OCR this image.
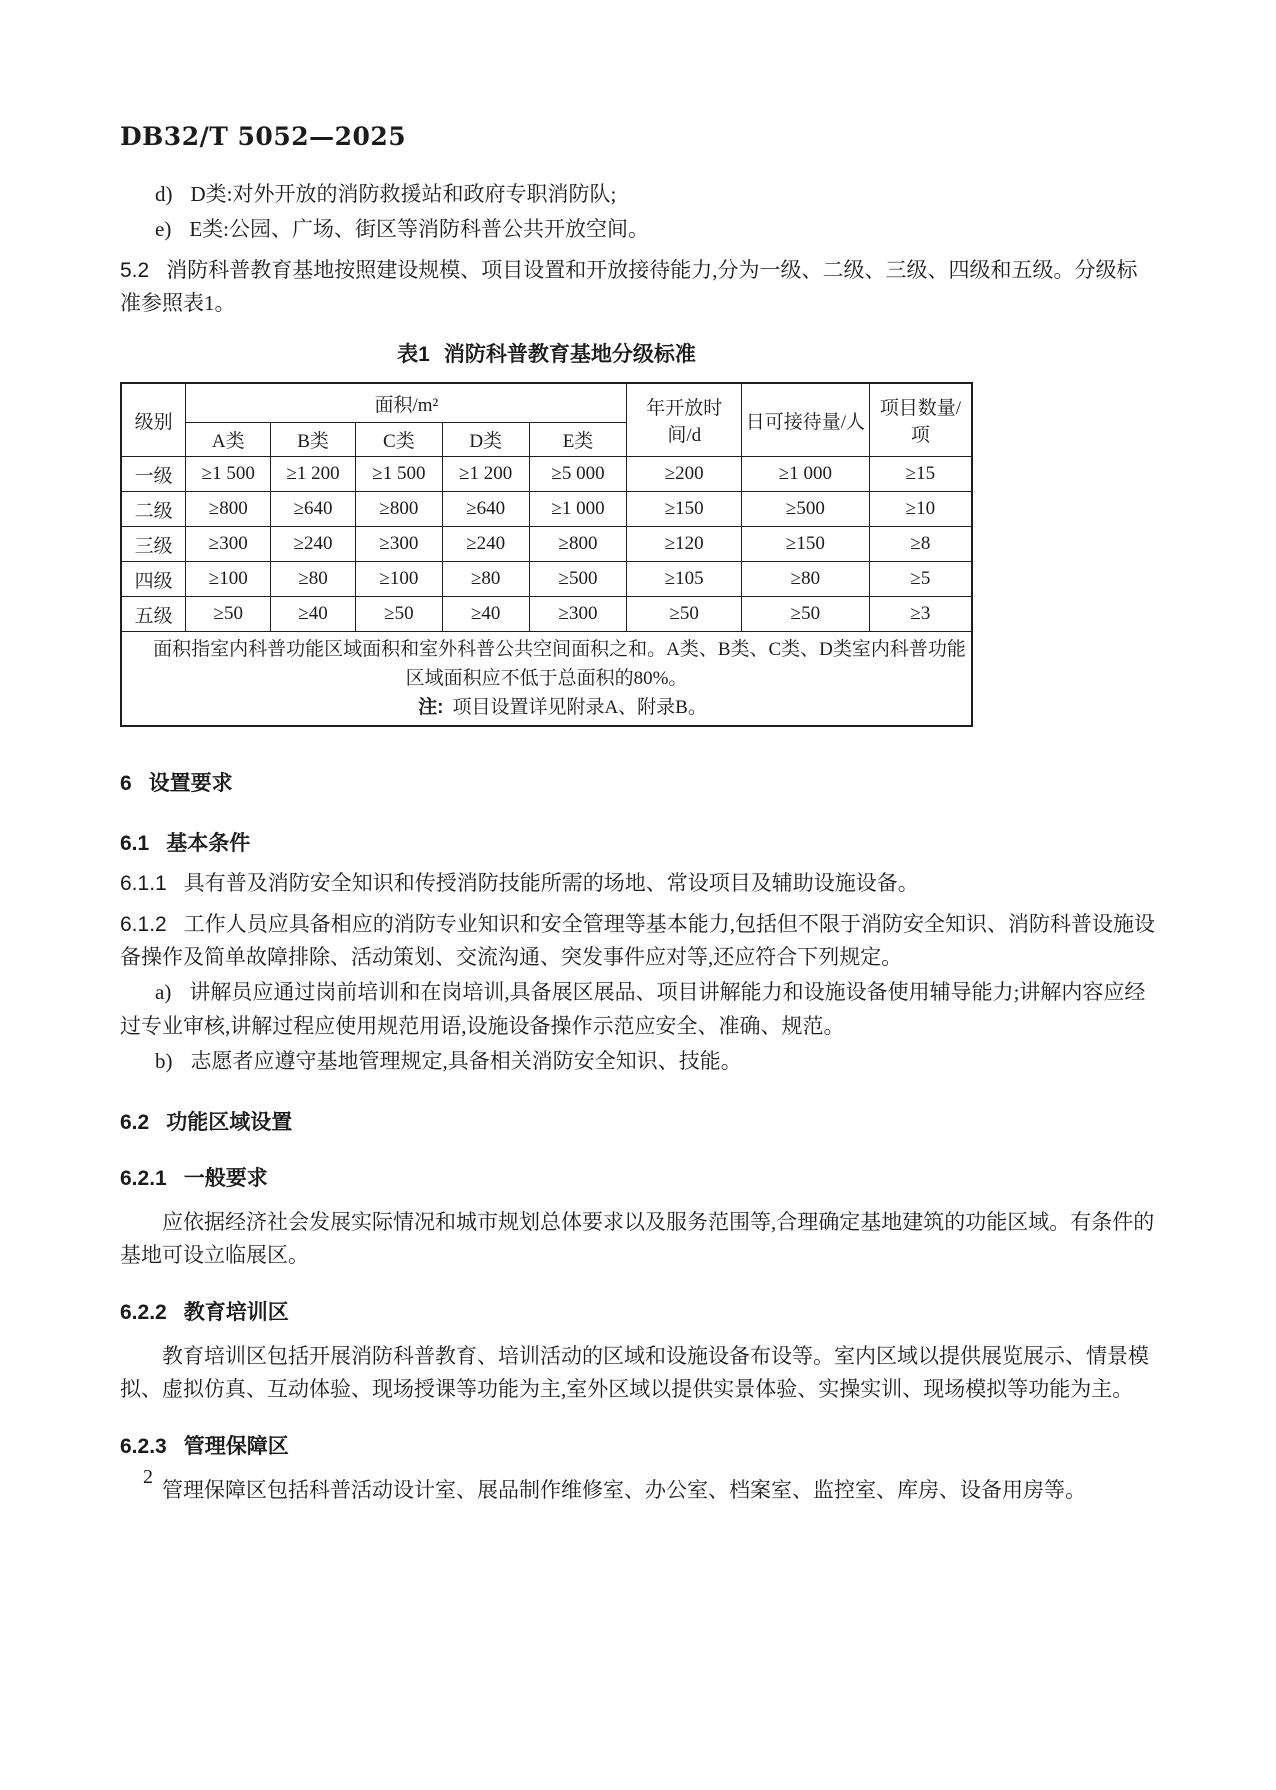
DB32/T 5052—2025

d) D类:对外开放的消防救援站和政府专职消防队;

e) E类:公园、广场、街区等消防科普公共开放空间。

5.2 消防科普教育基地按照建设规模、项目设置和开放接待能力,分为一级、二级、三级、四级和五级。分级标准参照表1。

表1 消防科普教育基地分级标准
级别	面积/m²					年开放时间/d	日可接待量/人	项目数量/项
	A类	B类	C类	D类	E类			
一级	≥1 500	≥1 200	≥1 500	≥1 200	≥5 000	≥200	≥1 000	≥15
二级	≥800	≥640	≥800	≥640	≥1 000	≥150	≥500	≥10
三级	≥300	≥240	≥300	≥240	≥800	≥120	≥150	≥8
四级	≥100	≥80	≥100	≥80	≥500	≥105	≥80	≥5
五级	≥50	≥40	≥50	≥40	≥300	≥50	≥50	≥3

面积指室内科普功能区域面积和室外科普公共空间面积之和。A类、B类、C类、D类室内科普功能区域面积应不低于总面积的80%。
注: 项目设置详见附录A、附录B。								
6 设置要求
6.1 基本条件

6.1.1 具有普及消防安全知识和传授消防技能所需的场地、常设项目及辅助设施设备。

6.1.2 工作人员应具备相应的消防专业知识和安全管理等基本能力,包括但不限于消防安全知识、消防科普设施设备操作及简单故障排除、活动策划、交流沟通、突发事件应对等,还应符合下列规定。

a) 讲解员应通过岗前培训和在岗培训,具备展区展品、项目讲解能力和设施设备使用辅导能力;讲解内容应经过专业审核,讲解过程应使用规范用语,设施设备操作示范应安全、准确、规范。

b) 志愿者应遵守基地管理规定,具备相关消防安全知识、技能。

6.2 功能区域设置
6.2.1 一般要求

应依据经济社会发展实际情况和城市规划总体要求以及服务范围等,合理确定基地建筑的功能区域。有条件的基地可设立临展区。

6.2.2 教育培训区

教育培训区包括开展消防科普教育、培训活动的区域和设施设备布设等。室内区域以提供展览展示、情景模拟、虚拟仿真、互动体验、现场授课等功能为主,室外区域以提供实景体验、实操实训、现场模拟等功能为主。

6.2.3 管理保障区

管理保障区包括科普活动设计室、展品制作维修室、办公室、档案室、监控室、库房、设备用房等。

2
